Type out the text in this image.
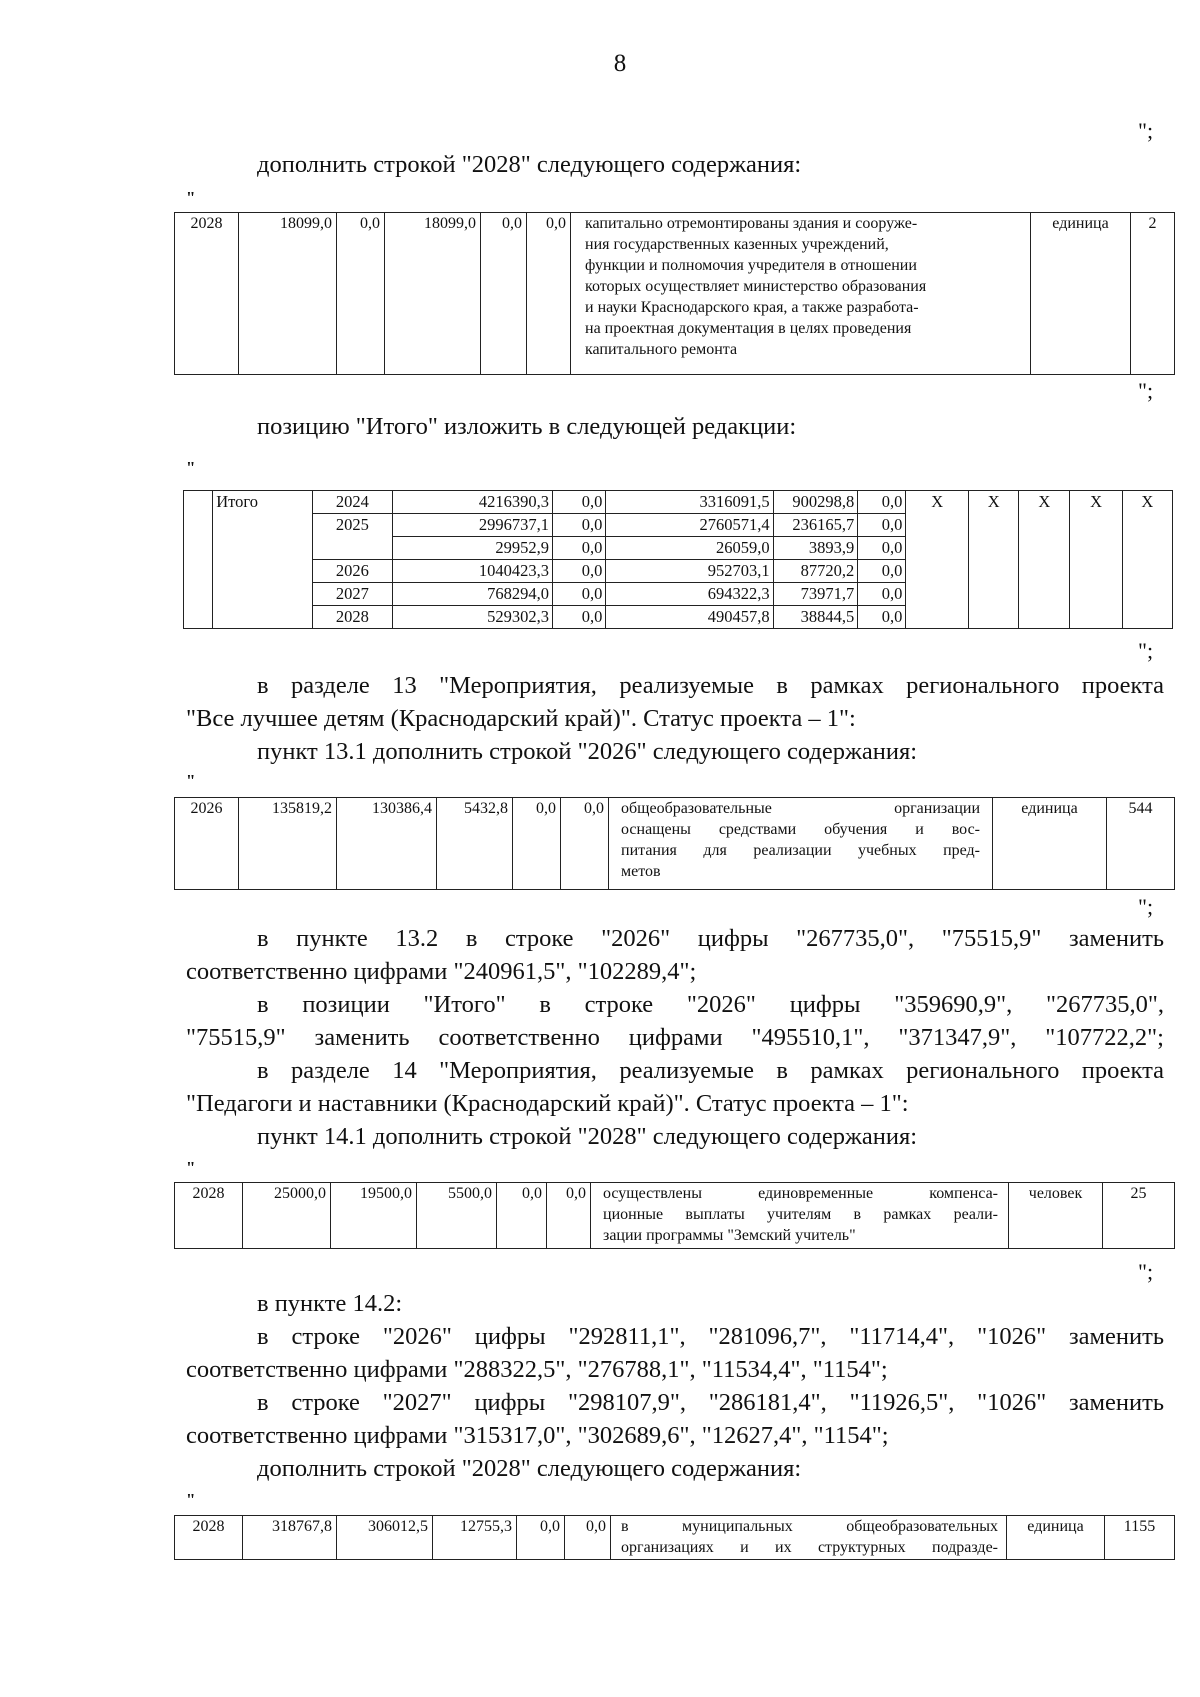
8
";
дополнить строкой "2028" следующего содержания:
"
2028	18099,0	0,0	18099,0	0,0	0,0	капитально отремонтированы здания и сооруже-
ния государственных казенных учреждений,
функции и полномочия учредителя в отношении
которых осуществляет министерство образования
и науки Краснодарского края, а также разработа-
на проектная документация в целях проведения
капитального ремонта
	единица	2
";
позицию "Итого" изложить в следующей редакции:
"
	Итого	2024	4216390,3	0,0	3316091,5	900298,8	0,0	Х	Х	Х	Х	Х
		2025	2996737,1	0,0	2760571,4	236165,7	0,0					
			29952,9	0,0	26059,0	3893,9	0,0					
		2026	1040423,3	0,0	952703,1	87720,2	0,0					
		2027	768294,0	0,0	694322,3	73971,7	0,0					
		2028	529302,3	0,0	490457,8	38844,5	0,0					
";
в разделе 13 "Мероприятия, реализуемые в рамках регионального проекта
"Все лучшее детям (Краснодарский край)". Статус проекта – 1":
пункт 13.1 дополнить строкой "2026" следующего содержания:
"
2026	135819,2	130386,4	5432,8	0,0	0,0	общеобразовательные организации
оснащены средствами обучения и вос-
питания для реализации учебных пред-
метов
	единица	544
";
в пункте 13.2 в строке "2026" цифры "267735,0", "75515,9" заменить
соответственно цифрами "240961,5", "102289,4";
в позиции "Итого" в строке "2026" цифры "359690,9", "267735,0",
"75515,9" заменить соответственно цифрами "495510,1", "371347,9", "107722,2";
в разделе 14 "Мероприятия, реализуемые в рамках регионального проекта
"Педагоги и наставники (Краснодарский край)". Статус проекта – 1":
пункт 14.1 дополнить строкой "2028" следующего содержания:
"
2028	25000,0	19500,0	5500,0	0,0	0,0	осуществлены единовременные компенса-
ционные выплаты учителям в рамках реали-
зации программы "Земский учитель"
	человек	25
";
в пункте 14.2:
в строке "2026" цифры "292811,1", "281096,7", "11714,4", "1026" заменить
соответственно цифрами "288322,5", "276788,1", "11534,4", "1154";
в строке "2027" цифры "298107,9", "286181,4", "11926,5", "1026" заменить
соответственно цифрами "315317,0", "302689,6", "12627,4", "1154";
дополнить строкой "2028" следующего содержания:
"
2028	318767,8	306012,5	12755,3	0,0	0,0	в муниципальных общеобразовательных
организациях и их структурных подразде-
	единица	1155
